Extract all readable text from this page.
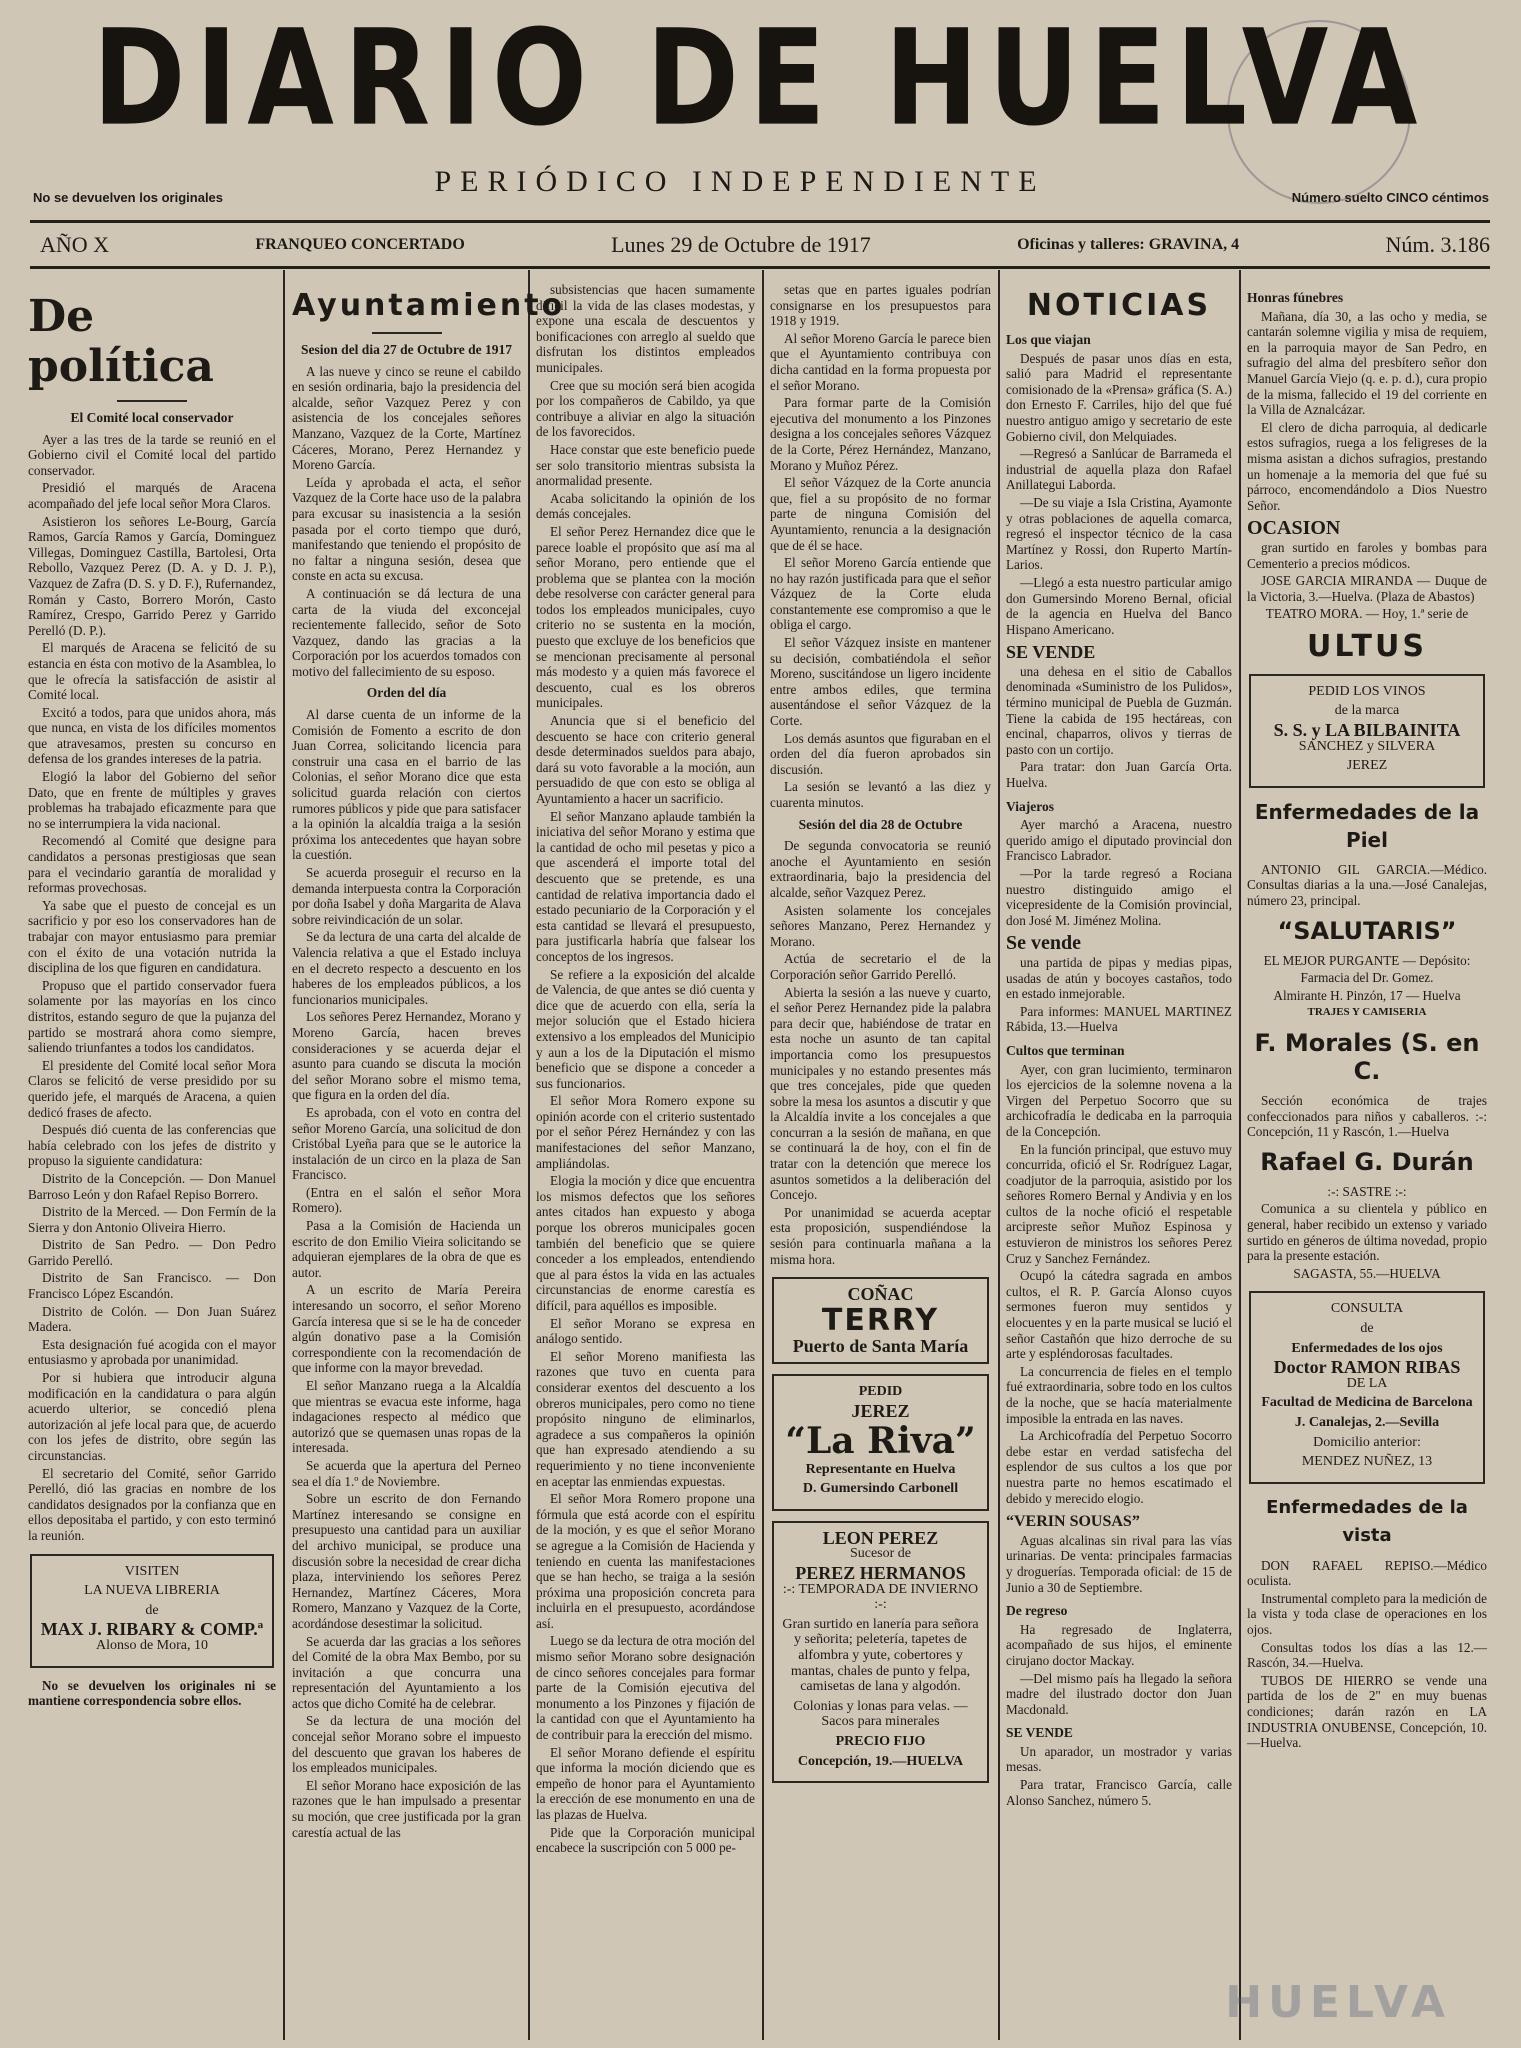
DIARIO DE HUELVA
PERIÓDICO INDEPENDIENTE
No se devuelven los originales	Número suelto CINCO céntimos
AÑO X	FRANQUEO CONCERTADO	Lunes 29 de Octubre de 1917	Oficinas y talleres: GRAVINA, 4	Núm. 3.186
De política
El Comité local conservador

Ayer a las tres de la tarde se reunió en el Gobierno civil el Comité local del partido conservador.

Presidió el marqués de Aracena acompañado del jefe local señor Mora Claros.

Asistieron los señores Le-Bourg, García Ramos, García Ramos y García, Dominguez Villegas, Dominguez Castilla, Bartolesi, Orta Rebollo, Vazquez Perez (D. A. y D. J. P.), Vazquez de Zafra (D. S. y D. F.), Rufernandez, Román y Casto, Borrero Morón, Casto Ramírez, Crespo, Garrido Perez y Garrido Perelló (D. P.).

El marqués de Aracena se felicitó de su estancia en ésta con motivo de la Asamblea, lo que le ofrecía la satisfacción de asistir al Comité local.

Excitó a todos, para que unidos ahora, más que nunca, en vista de los difíciles momentos que atravesamos, presten su concurso en defensa de los grandes intereses de la patria.

Elogió la labor del Gobierno del señor Dato, que en frente de múltiples y graves problemas ha trabajado eficazmente para que no se interrumpiera la vida nacional.

Recomendó al Comité que designe para candidatos a personas prestigiosas que sean para el vecindario garantía de moralidad y reformas provechosas.

Ya sabe que el puesto de concejal es un sacrificio y por eso los conservadores han de trabajar con mayor entusiasmo para premiar con el éxito de una votación nutrida la disciplina de los que figuren en candidatura.

Propuso que el partido conservador fuera solamente por las mayorías en los cinco distritos, estando seguro de que la pujanza del partido se mostrará ahora como siempre, saliendo triunfantes a todos los candidatos.

El presidente del Comité local señor Mora Claros se felicitó de verse presidido por su querido jefe, el marqués de Aracena, a quien dedicó frases de afecto.

Después dió cuenta de las conferencias que había celebrado con los jefes de distrito y propuso la siguiente candidatura:

Distrito de la Concepción. — Don Manuel Barroso León y don Rafael Repiso Borrero.

Distrito de la Merced. — Don Fermín de la Sierra y don Antonio Oliveira Hierro.

Distrito de San Pedro. — Don Pedro Garrido Perelló.

Distrito de San Francisco. — Don Francisco López Escandón.

Distrito de Colón. — Don Juan Suárez Madera.

Esta designación fué acogida con el mayor entusiasmo y aprobada por unanimidad.

Por si hubiera que introducir alguna modificación en la candidatura o para algún acuerdo ulterior, se concedió plena autorización al jefe local para que, de acuerdo con los jefes de distrito, obre según las circunstancias.

El secretario del Comité, señor Garrido Perelló, dió las gracias en nombre de los candidatos designados por la confianza que en ellos depositaba el partido, y con esto terminó la reunión.

VISITEN
LA NUEVA LIBRERIA
de
MAX J. RIBARY & COMP.ª
Alonso de Mora, 10

No se devuelven los originales ni se mantiene correspondencia sobre ellos.

Ayuntamiento
Sesion del dia 27 de Octubre de 1917

A las nueve y cinco se reune el cabildo en sesión ordinaria, bajo la presidencia del alcalde, señor Vazquez Perez y con asistencia de los concejales señores Manzano, Vazquez de la Corte, Martínez Cáceres, Morano, Perez Hernandez y Moreno García.

Leída y aprobada el acta, el señor Vazquez de la Corte hace uso de la palabra para excusar su inasistencia a la sesión pasada por el corto tiempo que duró, manifestando que teniendo el propósito de no faltar a ninguna sesión, desea que conste en acta su excusa.

A continuación se dá lectura de una carta de la viuda del exconcejal recientemente fallecido, señor de Soto Vazquez, dando las gracias a la Corporación por los acuerdos tomados con motivo del fallecimiento de su esposo.

Orden del día

Al darse cuenta de un informe de la Comisión de Fomento a escrito de don Juan Correa, solicitando licencia para construir una casa en el barrio de las Colonias, el señor Morano dice que esta solicitud guarda relación con ciertos rumores públicos y pide que para satisfacer a la opinión la alcaldía traiga a la sesión próxima los antecedentes que hayan sobre la cuestión.

Se acuerda proseguir el recurso en la demanda interpuesta contra la Corporación por doña Isabel y doña Margarita de Alava sobre reivindicación de un solar.

Se da lectura de una carta del alcalde de Valencia relativa a que el Estado incluya en el decreto respecto a descuento en los haberes de los empleados públicos, a los funcionarios municipales.

Los señores Perez Hernandez, Morano y Moreno García, hacen breves consideraciones y se acuerda dejar el asunto para cuando se discuta la moción del señor Morano sobre el mismo tema, que figura en la orden del día.

Es aprobada, con el voto en contra del señor Moreno García, una solicitud de don Cristóbal Lyeña para que se le autorice la instalación de un circo en la plaza de San Francisco.

(Entra en el salón el señor Mora Romero).

Pasa a la Comisión de Hacienda un escrito de don Emilio Vieira solicitando se adquieran ejemplares de la obra de que es autor.

A un escrito de María Pereira interesando un socorro, el señor Moreno García interesa que si se le ha de conceder algún donativo pase a la Comisión correspondiente con la recomendación de que informe con la mayor brevedad.

El señor Manzano ruega a la Alcaldía que mientras se evacua este informe, haga indagaciones respecto al médico que autorizó que se quemasen unas ropas de la interesada.

Se acuerda que la apertura del Perneo sea el día 1.º de Noviembre.

Sobre un escrito de don Fernando Martínez interesando se consigne en presupuesto una cantidad para un auxiliar del archivo municipal, se produce una discusión sobre la necesidad de crear dicha plaza, interviniendo los señores Perez Hernandez, Martínez Cáceres, Mora Romero, Manzano y Vazquez de la Corte, acordándose desestimar la solicitud.

Se acuerda dar las gracias a los señores del Comité de la obra Max Bembo, por su invitación a que concurra una representación del Ayuntamiento a los actos que dicho Comité ha de celebrar.

Se da lectura de una moción del concejal señor Morano sobre el impuesto del descuento que gravan los haberes de los empleados municipales.

El señor Morano hace exposición de las razones que le han impulsado a presentar su moción, que cree justificada por la gran carestía actual de las

subsistencias que hacen sumamente difícil la vida de las clases modestas, y expone una escala de descuentos y bonificaciones con arreglo al sueldo que disfrutan los distintos empleados municipales.

Cree que su moción será bien acogida por los compañeros de Cabildo, ya que contribuye a aliviar en algo la situación de los favorecidos.

Hace constar que este beneficio puede ser solo transitorio mientras subsista la anormalidad presente.

Acaba solicitando la opinión de los demás concejales.

El señor Perez Hernandez dice que le parece loable el propósito que así ma al señor Morano, pero entiende que el problema que se plantea con la moción debe resolverse con carácter general para todos los empleados municipales, cuyo criterio no se sustenta en la moción, puesto que excluye de los beneficios que se mencionan precisamente al personal más modesto y a quien más favorece el descuento, cual es los obreros municipales.

Anuncia que si el beneficio del descuento se hace con criterio general desde determinados sueldos para abajo, dará su voto favorable a la moción, aun persuadido de que con esto se obliga al Ayuntamiento a hacer un sacrificio.

El señor Manzano aplaude también la iniciativa del señor Morano y estima que la cantidad de ocho mil pesetas y pico a que ascenderá el importe total del descuento que se pretende, es una cantidad de relativa importancia dado el estado pecuniario de la Corporación y el esta cantidad se llevará el presupuesto, para justificarla habría que falsear los conceptos de los ingresos.

Se refiere a la exposición del alcalde de Valencia, de que antes se dió cuenta y dice que de acuerdo con ella, sería la mejor solución que el Estado hiciera extensivo a los empleados del Municipio y aun a los de la Diputación el mismo beneficio que se dispone a conceder a sus funcionarios.

El señor Mora Romero expone su opinión acorde con el criterio sustentado por el señor Pérez Hernández y con las manifestaciones del señor Manzano, ampliándolas.

Elogia la moción y dice que encuentra los mismos defectos que los señores antes citados han expuesto y aboga porque los obreros municipales gocen también del beneficio que se quiere conceder a los empleados, entendiendo que al para éstos la vida en las actuales circunstancias de enorme carestía es difícil, para aquéllos es imposible.

El señor Morano se expresa en análogo sentido.

El señor Moreno manifiesta las razones que tuvo en cuenta para considerar exentos del descuento a los obreros municipales, pero como no tiene propósito ninguno de eliminarlos, agradece a sus compañeros la opinión que han expresado atendiendo a su requerimiento y no tiene inconveniente en aceptar las enmiendas expuestas.

El señor Mora Romero propone una fórmula que está acorde con el espíritu de la moción, y es que el señor Morano se agregue a la Comisión de Hacienda y teniendo en cuenta las manifestaciones que se han hecho, se traiga a la sesión próxima una proposición concreta para incluirla en el presupuesto, acordándose así.

Luego se da lectura de otra moción del mismo señor Morano sobre designación de cinco señores concejales para formar parte de la Comisión ejecutiva del monumento a los Pinzones y fijación de la cantidad con que el Ayuntamiento ha de contribuir para la erección del mismo.

El señor Morano defiende el espíritu que informa la moción diciendo que es empeño de honor para el Ayuntamiento la erección de ese monumento en una de las plazas de Huelva.

Pide que la Corporación municipal encabece la suscripción con 5 000 pe-

setas que en partes iguales podrían consignarse en los presupuestos para 1918 y 1919.

Al señor Moreno García le parece bien que el Ayuntamiento contribuya con dicha cantidad en la forma propuesta por el señor Morano.

Para formar parte de la Comisión ejecutiva del monumento a los Pinzones designa a los concejales señores Vázquez de la Corte, Pérez Hernández, Manzano, Morano y Muñoz Pérez.

El señor Vázquez de la Corte anuncia que, fiel a su propósito de no formar parte de ninguna Comisión del Ayuntamiento, renuncia a la designación que de él se hace.

El señor Moreno García entiende que no hay razón justificada para que el señor Vázquez de la Corte eluda constantemente ese compromiso a que le obliga el cargo.

El señor Vázquez insiste en mantener su decisión, combatiéndola el señor Moreno, suscitándose un ligero incidente entre ambos ediles, que termina ausentándose el señor Vázquez de la Corte.

Los demás asuntos que figuraban en el orden del día fueron aprobados sin discusión.

La sesión se levantó a las diez y cuarenta minutos.

Sesión del dia 28 de Octubre

De segunda convocatoria se reunió anoche el Ayuntamiento en sesión extraordinaria, bajo la presidencia del alcalde, señor Vazquez Perez.

Asisten solamente los concejales señores Manzano, Perez Hernandez y Morano.

Actúa de secretario el de la Corporación señor Garrido Perelló.

Abierta la sesión a las nueve y cuarto, el señor Perez Hernandez pide la palabra para decir que, habiéndose de tratar en esta noche un asunto de tan capital importancia como los presupuestos municipales y no estando presentes más que tres concejales, pide que queden sobre la mesa los asuntos a discutir y que la Alcaldía invite a los concejales a que concurran a la sesión de mañana, en que se continuará la de hoy, con el fin de tratar con la detención que merece los asuntos sometidos a la deliberación del Concejo.

Por unanimidad se acuerda aceptar esta proposición, suspendiéndose la sesión para continuarla mañana a la misma hora.

COÑAC
TERRY
Puerto de Santa María
PEDID
JEREZ
“La Riva”
Representante en Huelva
D. Gumersindo Carbonell
LEON PEREZ
Sucesor de
PEREZ HERMANOS
:-: TEMPORADA DE INVIERNO :-:
Gran surtido en lanería para señora y señorita; peletería, tapetes de alfombra y yute, cobertores y mantas, chales de punto y felpa, camisetas de lana y algodón.
Colonias y lonas para velas. — Sacos para minerales
PRECIO FIJO
Concepción, 19.—HUELVA
NOTICIAS
Los que viajan

Después de pasar unos días en esta, salió para Madrid el representante comisionado de la «Prensa» gráfica (S. A.) don Ernesto F. Carriles, hijo del que fué nuestro antiguo amigo y secretario de este Gobierno civil, don Melquiades.

—Regresó a Sanlúcar de Barrameda el industrial de aquella plaza don Rafael Anillategui Laborda.

—De su viaje a Isla Cristina, Ayamonte y otras poblaciones de aquella comarca, regresó el inspector técnico de la casa Martínez y Rossi, don Ruperto Martín-Larios.

—Llegó a esta nuestro particular amigo don Gumersindo Moreno Bernal, oficial de la agencia en Huelva del Banco Hispano Americano.

SE VENDE

una dehesa en el sitio de Caballos denominada «Suministro de los Pulidos», término municipal de Puebla de Guzmán. Tiene la cabida de 195 hectáreas, con encinal, chaparros, olivos y tierras de pasto con un cortijo.

Para tratar: don Juan García Orta. Huelva.

Viajeros

Ayer marchó a Aracena, nuestro querido amigo el diputado provincial don Francisco Labrador.

—Por la tarde regresó a Rociana nuestro distinguido amigo el vicepresidente de la Comisión provincial, don José M. Jiménez Molina.

Se vende

una partida de pipas y medias pipas, usadas de atún y bocoyes castaños, todo en estado inmejorable.

Para informes: MANUEL MARTINEZ Rábida, 13.—Huelva

Cultos que terminan

Ayer, con gran lucimiento, terminaron los ejercicios de la solemne novena a la Virgen del Perpetuo Socorro que su archicofradía le dedicaba en la parroquia de la Concepción.

En la función principal, que estuvo muy concurrida, ofició el Sr. Rodríguez Lagar, coadjutor de la parroquia, asistido por los señores Romero Bernal y Andivia y en los cultos de la noche ofició el respetable arcipreste señor Muñoz Espinosa y estuvieron de ministros los señores Perez Cruz y Sanchez Fernández.

Ocupó la cátedra sagrada en ambos cultos, el R. P. García Alonso cuyos sermones fueron muy sentidos y elocuentes y en la parte musical se lució el señor Castañón que hizo derroche de su arte y espléndorosas facultades.

La concurrencia de fieles en el templo fué extraordinaria, sobre todo en los cultos de la noche, que se hacía materialmente imposible la entrada en las naves.

La Archicofradía del Perpetuo Socorro debe estar en verdad satisfecha del esplendor de sus cultos a los que por nuestra parte no hemos escatimado el debido y merecido elogio.

“VERIN SOUSAS”

Aguas alcalinas sin rival para las vías urinarias. De venta: principales farmacias y droguerías. Temporada oficial: de 15 de Junio a 30 de Septiembre.

De regreso

Ha regresado de Inglaterra, acompañado de sus hijos, el eminente cirujano doctor Mackay.

—Del mismo país ha llegado la señora madre del ilustrado doctor don Juan Macdonald.

SE VENDE

Un aparador, un mostrador y varias mesas.

Para tratar, Francisco García, calle Alonso Sanchez, número 5.

Honras fúnebres

Mañana, día 30, a las ocho y media, se cantarán solemne vigilia y misa de requiem, en la parroquia mayor de San Pedro, en sufragio del alma del presbítero señor don Manuel García Viejo (q. e. p. d.), cura propio de la misma, fallecido el 19 del corriente en la Villa de Aznalcázar.

El clero de dicha parroquia, al dedicarle estos sufragios, ruega a los feligreses de la misma asistan a dichos sufragios, prestando un homenaje a la memoria del que fué su párroco, encomendándolo a Dios Nuestro Señor.

OCASION

gran surtido en faroles y bombas para Cementerio a precios módicos.

JOSE GARCIA MIRANDA — Duque de la Victoria, 3.—Huelva. (Plaza de Abastos)

TEATRO MORA. — Hoy, 1.ª serie de

ULTUS
PEDID LOS VINOS
de la marca
S. S. y LA BILBAINITA
SANCHEZ y SILVERA
JEREZ
Enfermedades de la Piel

ANTONIO GIL GARCIA.—Médico. Consultas diarias a la una.—José Canalejas, número 23, principal.

“SALUTARIS”

EL MEJOR PURGANTE — Depósito:

Farmacia del Dr. Gomez.

Almirante H. Pinzón, 17 — Huelva

TRAJES Y CAMISERIA

F. Morales (S. en C.

Sección económica de trajes confeccionados para niños y caballeros. :-: Concepción, 11 y Rascón, 1.—Huelva

Rafael G. Durán

:-: SASTRE :-:

Comunica a su clientela y público en general, haber recibido un extenso y variado surtido en géneros de última novedad, propio para la presente estación.

SAGASTA, 55.—HUELVA

CONSULTA
de
Enfermedades de los ojos
Doctor RAMON RIBAS
DE LA
Facultad de Medicina de Barcelona
J. Canalejas, 2.—Sevilla
Domicilio anterior:
MENDEZ NUÑEZ, 13
Enfermedades de la vista

DON RAFAEL REPISO.—Médico oculista.

Instrumental completo para la medición de la vista y toda clase de operaciones en los ojos.

Consultas todos los días a las 12.—Rascón, 34.—Huelva.

TUBOS DE HIERRO se vende una partida de los de 2" en muy buenas condiciones; darán razón en LA INDUSTRIA ONUBENSE, Concepción, 10.—Huelva.

HUELVA
